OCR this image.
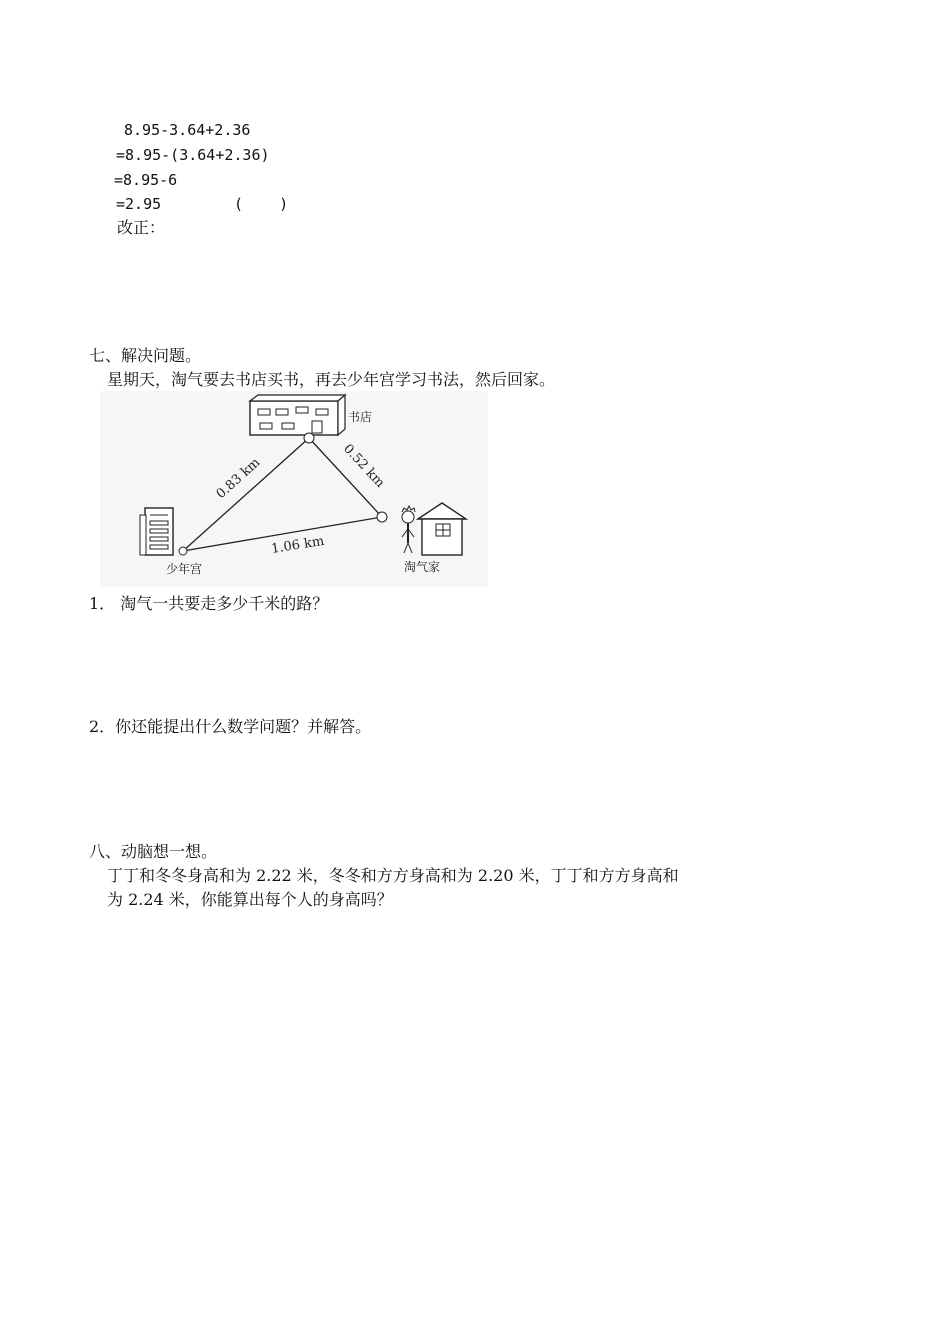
8.95-3.64+2.36
=8.95-(3.64+2.36)
=8.95-6
=2.95	(    )
改正：
七、解决问题。
星期天，淘气要去书店买书，再去少年宫学习书法，然后回家。
书店
少年宫	淘气家
0.83 km	0.52 km
1.06 km
1． 淘气一共要走多少千米的路？
2．你还能提出什么数学问题？并解答。
八、动脑想一想。
丁丁和冬冬身高和为 2.22 米，冬冬和方方身高和为 2.20 米，丁丁和方方身高和
为 2.24 米，你能算出每个人的身高吗？
